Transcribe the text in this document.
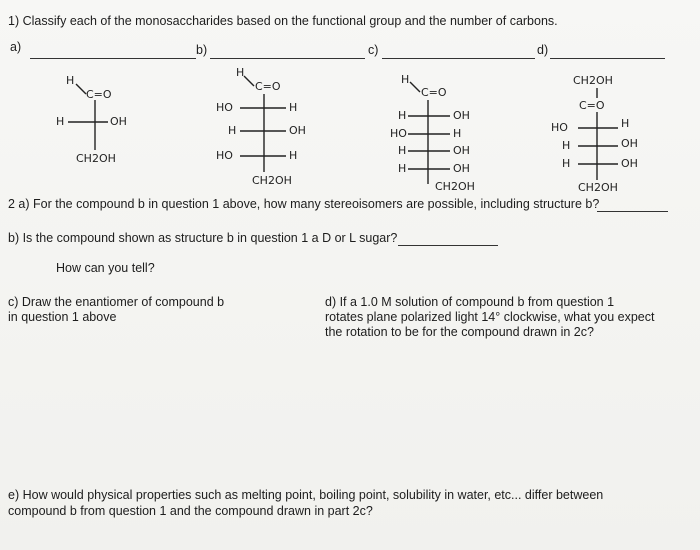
1) Classify each of the monosaccharides based on the functional group and the number of carbons.
a)	b)	c)	d)
H
C=O
H	OH
CH2OH
H
C=O
HO	H
H	OH
HO	H
CH2OH
H
C=O
H	OH
HO	H
H	OH
H	OH
CH2OH
CH2OH
C=O
HO	H
H	OH
H	OH
CH2OH
2 a) For the compound b in question 1 above, how many stereoisomers are possible, including structure b?
b) Is the compound shown as structure b in question 1 a D or L sugar?
How can you tell?
c) Draw the enantiomer of compound b
in question 1 above
d) If a 1.0 M solution of compound b from question 1
rotates plane polarized light 14° clockwise, what you expect
the rotation to be for the compound drawn in 2c?
e) How would physical properties such as melting point, boiling point, solubility in water, etc... differ between
compound b from question 1 and the compound drawn in part 2c?
